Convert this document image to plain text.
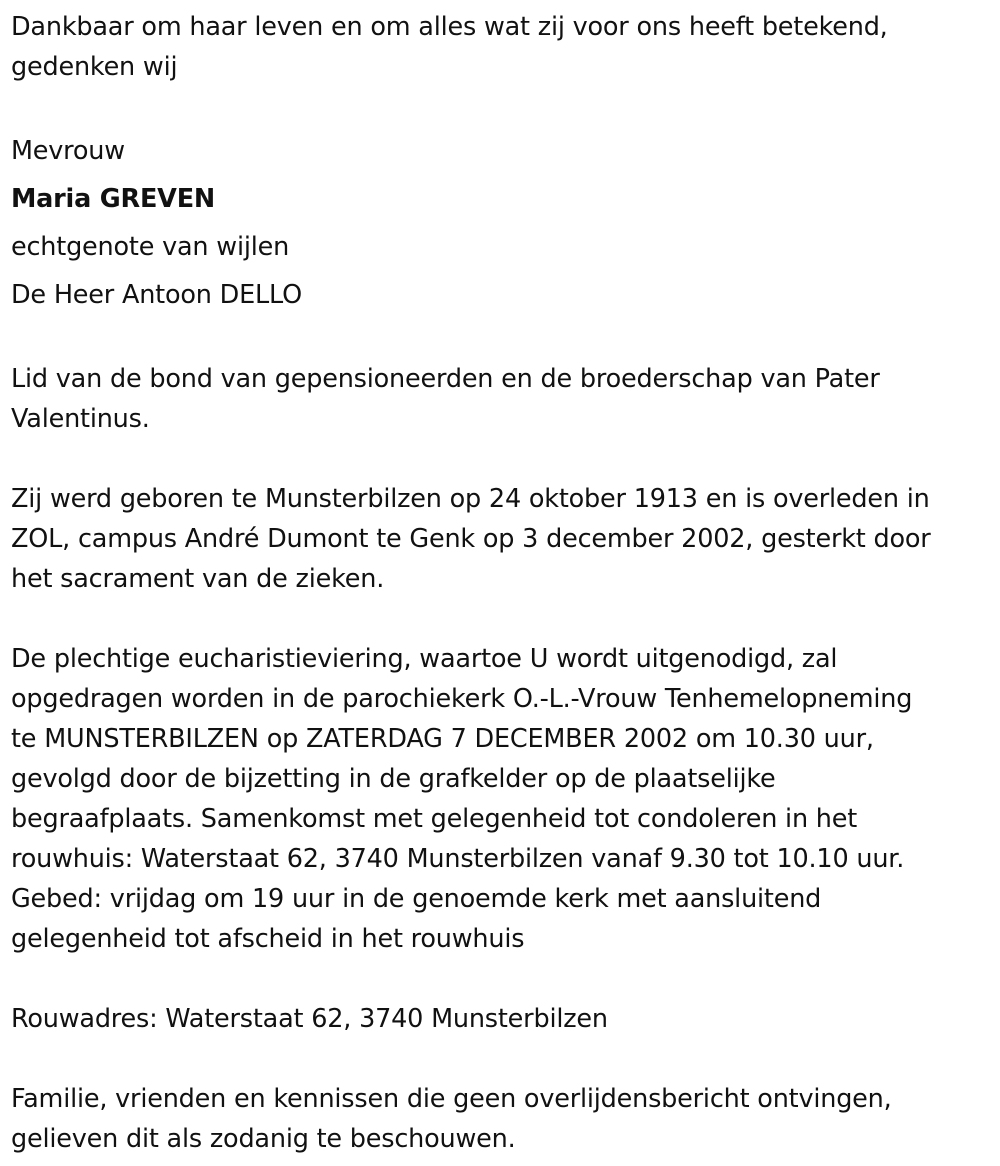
Dankbaar om haar leven en om alles wat zij voor ons heeft betekend,

gedenken wij

Mevrouw

Maria GREVEN

echtgenote van wijlen

De Heer Antoon DELLO

Lid van de bond van gepensioneerden en de broederschap van Pater

Valentinus.

Zij werd geboren te Munsterbilzen op 24 oktober 1913 en is overleden in

ZOL, campus André Dumont te Genk op 3 december 2002, gesterkt door

het sacrament van de zieken.

De plechtige eucharistieviering, waartoe U wordt uitgenodigd, zal

opgedragen worden in de parochiekerk O.-L.-Vrouw Tenhemelopneming

te MUNSTERBILZEN op ZATERDAG 7 DECEMBER 2002 om 10.30 uur,

gevolgd door de bijzetting in de grafkelder op de plaatselijke

begraafplaats. Samenkomst met gelegenheid tot condoleren in het

rouwhuis: Waterstaat 62, 3740 Munsterbilzen vanaf 9.30 tot 10.10 uur.

Gebed: vrijdag om 19 uur in de genoemde kerk met aansluitend

gelegenheid tot afscheid in het rouwhuis

Rouwadres: Waterstaat 62, 3740 Munsterbilzen

Familie, vrienden en kennissen die geen overlijdensbericht ontvingen,

gelieven dit als zodanig te beschouwen.
